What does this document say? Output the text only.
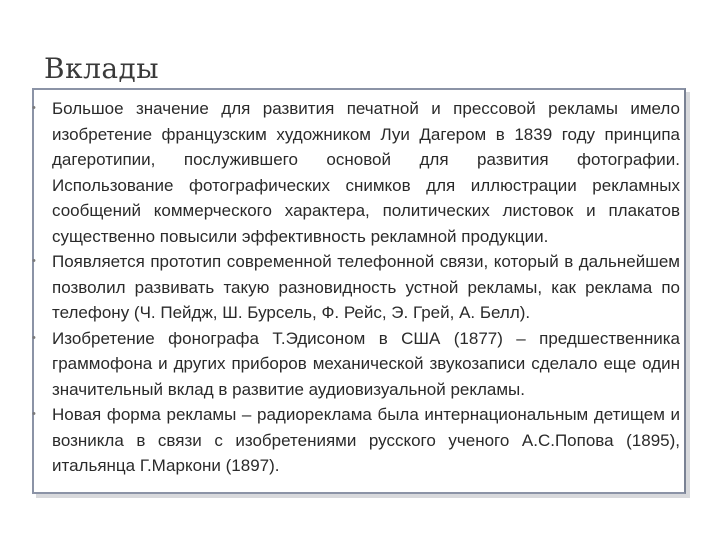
Вклады
• Большое значение для развития печатной и прессовой рекламы имело изобретение французским художником Луи Дагером в 1839 году принципа дагеротипии, послужившего основой для развития фотографии. Использование фотографических снимков для иллюстрации рекламных сообщений коммерческого характера, политических листовок и плакатов существенно повысили эффективность рекламной продукции.
• Появляется прототип современной телефонной связи, который в дальнейшем позволил развивать такую разновидность устной рекламы, как реклама по телефону (Ч. Пейдж, Ш. Бурсель, Ф. Рейс, Э. Грей, А. Белл).
• Изобретение фонографа Т.Эдисоном в США (1877) – предшественника граммофона и других приборов механической звукозаписи сделало еще один значительный вклад в развитие аудиовизуальной рекламы.
• Новая форма рекламы – радиореклама была интернациональным детищем и возникла в связи с изобретениями русского ученого А.С.Попова (1895), итальянца Г.Маркони (1897).
